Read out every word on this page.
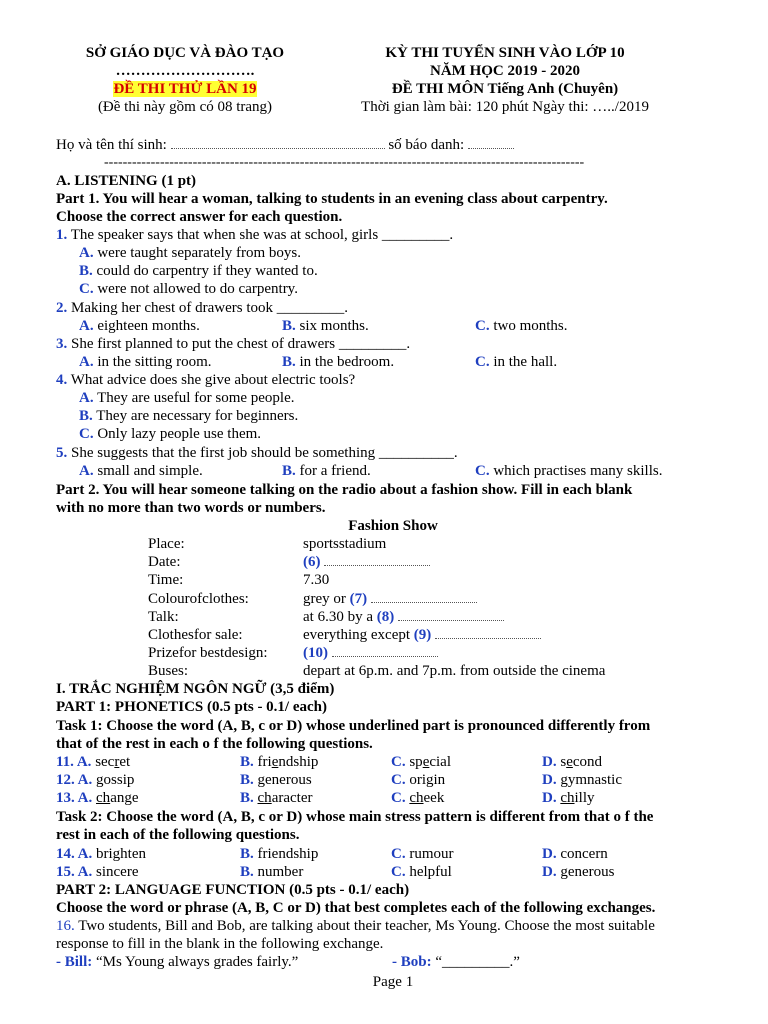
SỞ GIÁO DỤC VÀ ĐÀO TẠO
……………………….
ĐỀ THI THỬ LẦN 19
(Đề thi này gồm có 08 trang)
KỲ THI TUYỂN SINH VÀO LỚP 10
NĂM HỌC 2019 - 2020
ĐỀ THI MÔN Tiếng Anh (Chuyên)
Thời gian làm bài: 120 phút Ngày thi: …../2019
Họ và tên thí sinh:	số báo danh:
-------------------------------------------------------------------------------------------------------
A. LISTENING (1 pt)
Part 1. You will hear a woman, talking to students in an evening class about carpentry.
Choose the correct answer for each question.
1. The speaker says that when she was at school, girls _________.
A. were taught separately from boys.
B. could do carpentry if they wanted to.
C. were not allowed to do carpentry.
2. Making her chest of drawers took _________.
A. eighteen months.	B. six months.	C. two months.
3. She first planned to put the chest of drawers _________.
A. in the sitting room.	B. in the bedroom.	C. in the hall.
4. What advice does she give about electric tools?
A. They are useful for some people.
B. They are necessary for beginners.
C. Only lazy people use them.
5. She suggests that the first job should be something __________.
A. small and simple.	B. for a friend.	C. which practises many skills.
Part 2. You will hear someone talking on the radio about a fashion show. Fill in each blank
with no more than two words or numbers.
Fashion Show
Place:	sportsstadium
Date:	(6)
Time:	7.30
Colourofclothes:	grey or (7)
Talk:	at 6.30 by a (8)
Clothesfor sale:	everything except (9)
Prizefor bestdesign: (10)
Buses:	depart at 6p.m. and 7p.m. from outside the cinema
I. TRẮC NGHIỆM NGÔN NGỮ (3,5 điểm)
PART 1: PHONETICS (0.5 pts - 0.1/ each)
Task 1: Choose the word (A, B, c or D) whose underlined part is pronounced differently from
that of the rest in each o f the following questions.
11. A. secret	B. friendship	C. special	D. second
12. A. gossip	B. generous	C. origin	D. gymnastic
13. A. change	B. character	C. cheek	D. chilly
Task 2: Choose the word (A, B, c or D) whose main stress pattern is different from that o f the
rest in each of the following questions.
14. A. brighten	B. friendship	C. rumour	D. concern
15. A. sincere	B. number	C. helpful	D. generous
PART 2: LANGUAGE FUNCTION (0.5 pts - 0.1/ each)
Choose the word or phrase (A, B, C or D) that best completes each of the following exchanges.
16. Two students, Bill and Bob, are talking about their teacher, Ms Young. Choose the most suitable
response to fill in the blank in the following exchange.
- Bill: “Ms Young always grades fairly.”	- Bob: “_________.”
Page 1
